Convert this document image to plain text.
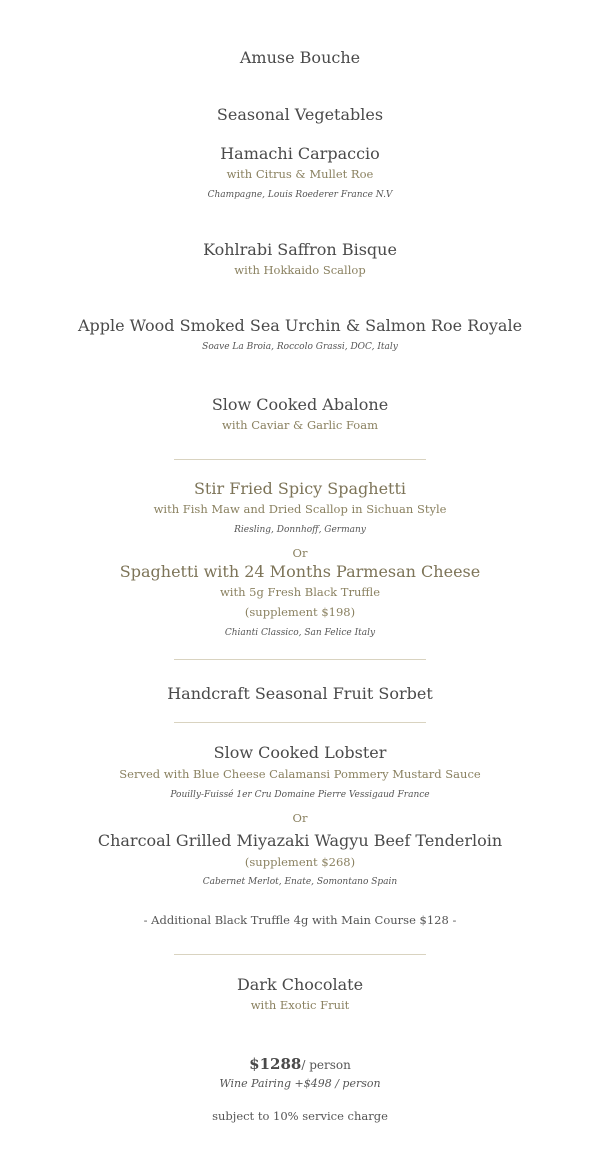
Amuse Bouche
Seasonal Vegetables
Hamachi Carpaccio
with Citrus & Mullet Roe
Champagne, Louis Roederer France N.V
Kohlrabi Saffron Bisque
with Hokkaido Scallop
Apple Wood Smoked Sea Urchin & Salmon Roe Royale
Soave La Broia, Roccolo Grassi, DOC, Italy
Slow Cooked Abalone
with Caviar & Garlic Foam
Stir Fried Spicy Spaghetti
with Fish Maw and Dried Scallop in Sichuan Style
Riesling, Donnhoff, Germany
Or
Spaghetti with 24 Months Parmesan Cheese
with 5g Fresh Black Truffle
(supplement $198)
Chianti Classico, San Felice Italy
Handcraft Seasonal Fruit Sorbet
Slow Cooked Lobster
Served with Blue Cheese Calamansi Pommery Mustard Sauce
Pouilly-Fuissé 1er Cru Domaine Pierre Vessigaud France
Or
Charcoal Grilled Miyazaki Wagyu Beef Tenderloin
(supplement $268)
Cabernet Merlot, Enate, Somontano Spain
- Additional Black Truffle 4g with Main Course $128 -
Dark Chocolate
with Exotic Fruit
$1288/ person
Wine Pairing +$498 / person
subject to 10% service charge
